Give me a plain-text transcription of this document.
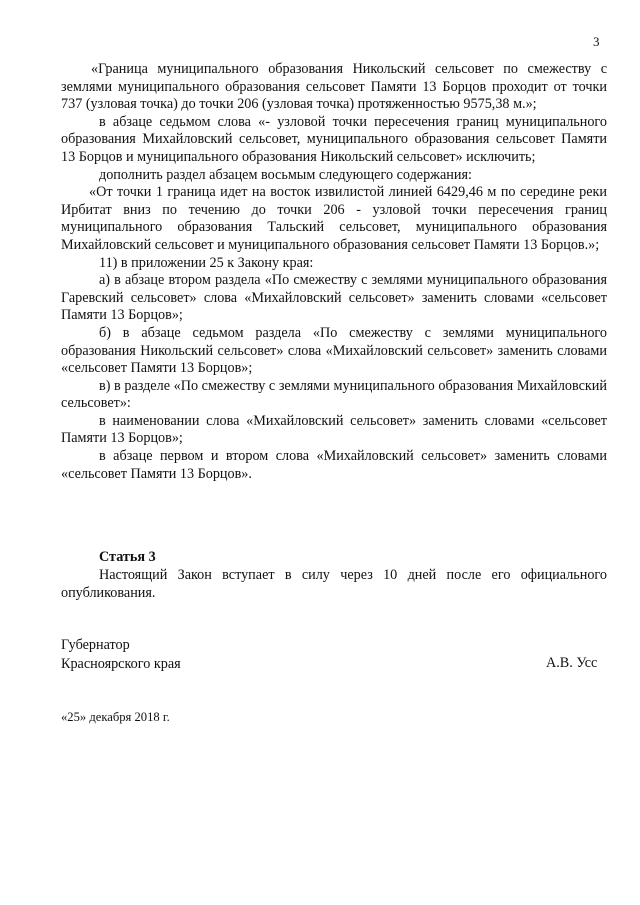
3

«Граница муниципального образования Никольский сельсовет по смежеству с землями муниципального образования сельсовет Памяти 13 Борцов проходит от точки 737 (узловая точка) до точки 206 (узловая точка) протяженностью 9575,38 м.»;

в абзаце седьмом слова «- узловой точки пересечения границ муниципального образования Михайловский сельсовет, муниципального образования сельсовет Памяти 13 Борцов и муниципального образования Никольский сельсовет» исключить;

дополнить раздел абзацем восьмым следующего содержания:

«От точки 1 граница идет на восток извилистой линией 6429,46 м по середине реки Ирбитат вниз по течению до точки 206 - узловой точки пересечения границ муниципального образования Тальский сельсовет, муниципального образования Михайловский сельсовет и муниципального образования сельсовет Памяти 13 Борцов.»;

11) в приложении 25 к Закону края:

а) в абзаце втором раздела «По смежеству с землями муниципального образования Гаревский сельсовет» слова «Михайловский сельсовет» заменить словами «сельсовет Памяти 13 Борцов»;

б) в абзаце седьмом раздела «По смежеству с землями муниципального образования Никольский сельсовет» слова «Михайловский сельсовет» заменить словами «сельсовет Памяти 13 Борцов»;

в) в разделе «По смежеству с землями муниципального образования Михайловский сельсовет»:

в наименовании слова «Михайловский сельсовет» заменить словами «сельсовет Памяти 13 Борцов»;

в абзаце первом и втором слова «Михайловский сельсовет» заменить словами «сельсовет Памяти 13 Борцов».

Статья 3
Настоящий Закон вступает в силу через 10 дней после его официального опубликования.
Губернатор
Красноярского края	А.В. Усс
«25» декабря 2018 г.
